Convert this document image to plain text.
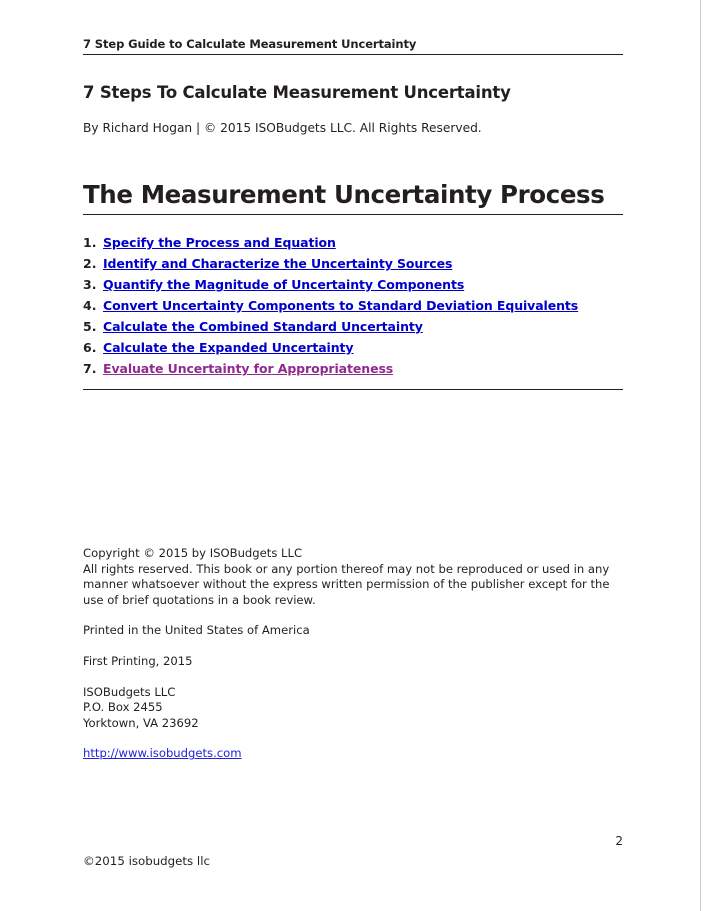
7 Step Guide to Calculate Measurement Uncertainty
7 Steps To Calculate Measurement Uncertainty
By Richard Hogan | © 2015 ISOBudgets LLC. All Rights Reserved.
The Measurement Uncertainty Process
1. Specify the Process and Equation
2. Identify and Characterize the Uncertainty Sources
3. Quantify the Magnitude of Uncertainty Components
4. Convert Uncertainty Components to Standard Deviation Equivalents
5. Calculate the Combined Standard Uncertainty
6. Calculate the Expanded Uncertainty
7. Evaluate Uncertainty for Appropriateness

Copyright © 2015 by ISOBudgets LLC

All rights reserved. This book or any portion thereof may not be reproduced or used in any manner whatsoever without the express written permission of the publisher except for the use of brief quotations in a book review.

Printed in the United States of America

First Printing, 2015

ISOBudgets LLC

P.O. Box 2455

Yorktown, VA 23692

http://www.isobudgets.com

2
©2015 isobudgets llc
